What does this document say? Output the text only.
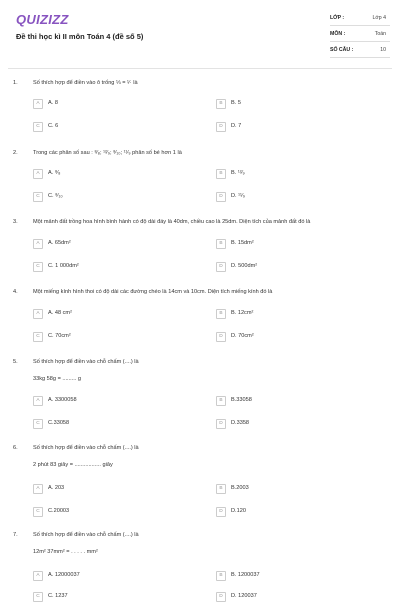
QUIZIZZ
Đề thi học kì II môn Toán 4 (đề số 5)
LỚP :	Lớp 4
MÔN :	Toán
SỐ CÂU :	10
1.	Số thích hợp để điền vào ô trống ⅓ = ¹⁄· là
A	A. 8	B	B. 5
C	C. 6	D	D. 7
2.	Trong các phân số sau : ⁸⁄₈; ¹²⁄₉; ⁸⁄₁₀; ¹¹⁄₉ phân số bé hơn 1 là
A	A. ⁸⁄₈	B	B. ¹²⁄₉
C	C. ⁸⁄₁₀	D	D. ¹¹⁄₉
3.	Một mảnh đất trồng hoa hình bình hành có độ dài đáy là 40dm, chiều cao là 25dm. Diện tích của mảnh đất đó là
A	A. 65dm²	B	B. 15dm²
C	C. 1 000dm²	D	D. 500dm²
4.	Một miếng kính hình thoi có độ dài các đường chéo là 14cm và 10cm. Diện tích miếng kính đó là
A	A. 48 cm²	B	B. 12cm²
C	C. 70cm²	D	D. 70cm²
5.	Số thích hợp để điền vào chỗ chấm (....) là
33kg 58g = ......... g
A	A. 3300058	B	B.33058
C	C.33058	D	D.3358
6.	Số thích hợp để điền vào chỗ chấm (....) là
2 phút 83 giây = ................. giây
A	A. 203	B	B.2003
C	C.20003	D	D.120
7.	Số thích hợp để điền vào chỗ chấm (....) là
12m² 37mm² = . . . . . mm²
A	A. 12000037	B	B. 1200037
C	C. 1237	D	D. 120037
